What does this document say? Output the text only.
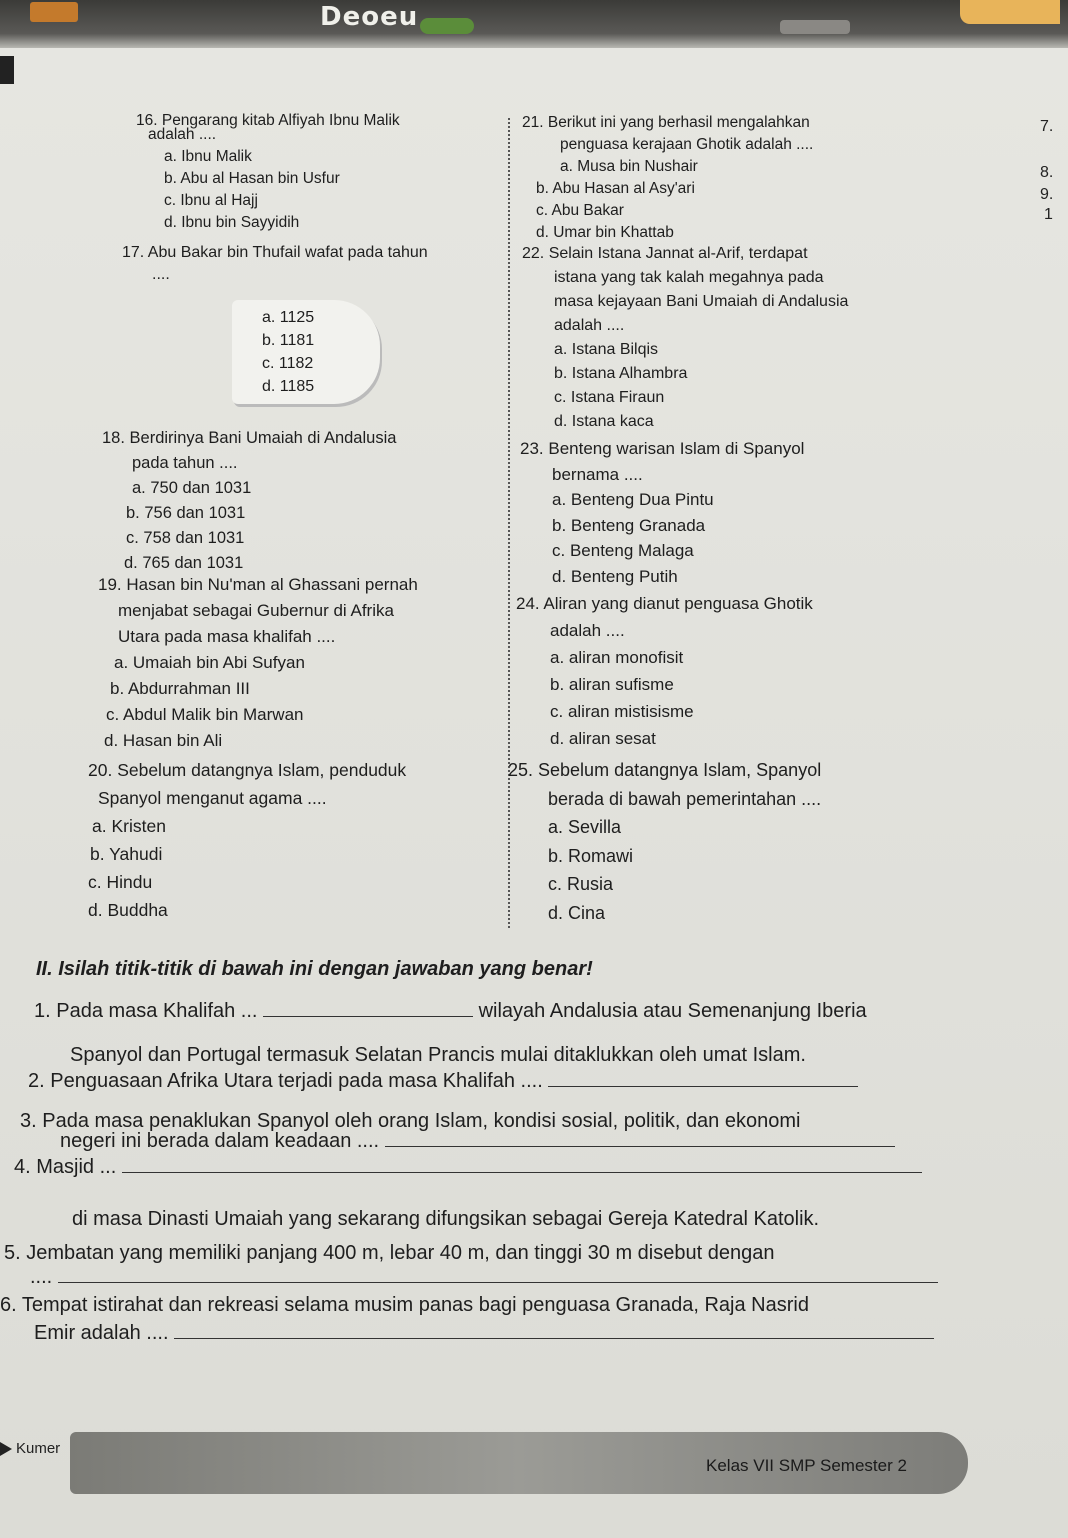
Deoeu
7.
8.
9.
1
16. Pengarang kitab Alfiyah Ibnu Malik
adalah ....
a. Ibnu Malik
b. Abu al Hasan bin Usfur
c. Ibnu al Hajj
d. Ibnu bin Sayyidih
17. Abu Bakar bin Thufail wafat pada tahun
....
a. 1125
b. 1181
c. 1182
d. 1185
18. Berdirinya Bani Umaiah di Andalusia
pada tahun ....
a. 750 dan 1031
b. 756 dan 1031
c. 758 dan 1031
d. 765 dan 1031
19. Hasan bin Nu'man al Ghassani pernah
menjabat sebagai Gubernur di Afrika
Utara pada masa khalifah ....
a. Umaiah bin Abi Sufyan
b. Abdurrahman III
c. Abdul Malik bin Marwan
d. Hasan bin Ali
20. Sebelum datangnya Islam, penduduk
Spanyol menganut agama ....
a. Kristen
b. Yahudi
c. Hindu
d. Buddha
21. Berikut ini yang berhasil mengalahkan
penguasa kerajaan Ghotik adalah ....
a. Musa bin Nushair
b. Abu Hasan al Asy'ari
c. Abu Bakar
d. Umar bin Khattab
22. Selain Istana Jannat al-Arif, terdapat
istana yang tak kalah megahnya pada
masa kejayaan Bani Umaiah di Andalusia
adalah ....
a. Istana Bilqis
b. Istana Alhambra
c. Istana Firaun
d. Istana kaca
23. Benteng warisan Islam di Spanyol
bernama ....
a. Benteng Dua Pintu
b. Benteng Granada
c. Benteng Malaga
d. Benteng Putih
24. Aliran yang dianut penguasa Ghotik
adalah ....
a. aliran monofisit
b. aliran sufisme
c. aliran mistisisme
d. aliran sesat
25. Sebelum datangnya Islam, Spanyol
berada di bawah pemerintahan ....
a. Sevilla
b. Romawi
c. Rusia
d. Cina
II. Isilah titik-titik di bawah ini dengan jawaban yang benar!
1. Pada masa Khalifah ...	wilayah Andalusia atau Semenanjung Iberia
Spanyol dan Portugal termasuk Selatan Prancis mulai ditaklukkan oleh umat Islam.
2. Penguasaan Afrika Utara terjadi pada masa Khalifah ....
3. Pada masa penaklukan Spanyol oleh orang Islam, kondisi sosial, politik, dan ekonomi
negeri ini berada dalam keadaan ....
4. Masjid ...
di masa Dinasti Umaiah yang sekarang difungsikan sebagai Gereja Katedral Katolik.
5. Jembatan yang memiliki panjang 400 m, lebar 40 m, dan tinggi 30 m disebut dengan
....
6. Tempat istirahat dan rekreasi selama musim panas bagi penguasa Granada, Raja Nasrid
Emir adalah ....
Kumer
Kelas VII SMP Semester 2
